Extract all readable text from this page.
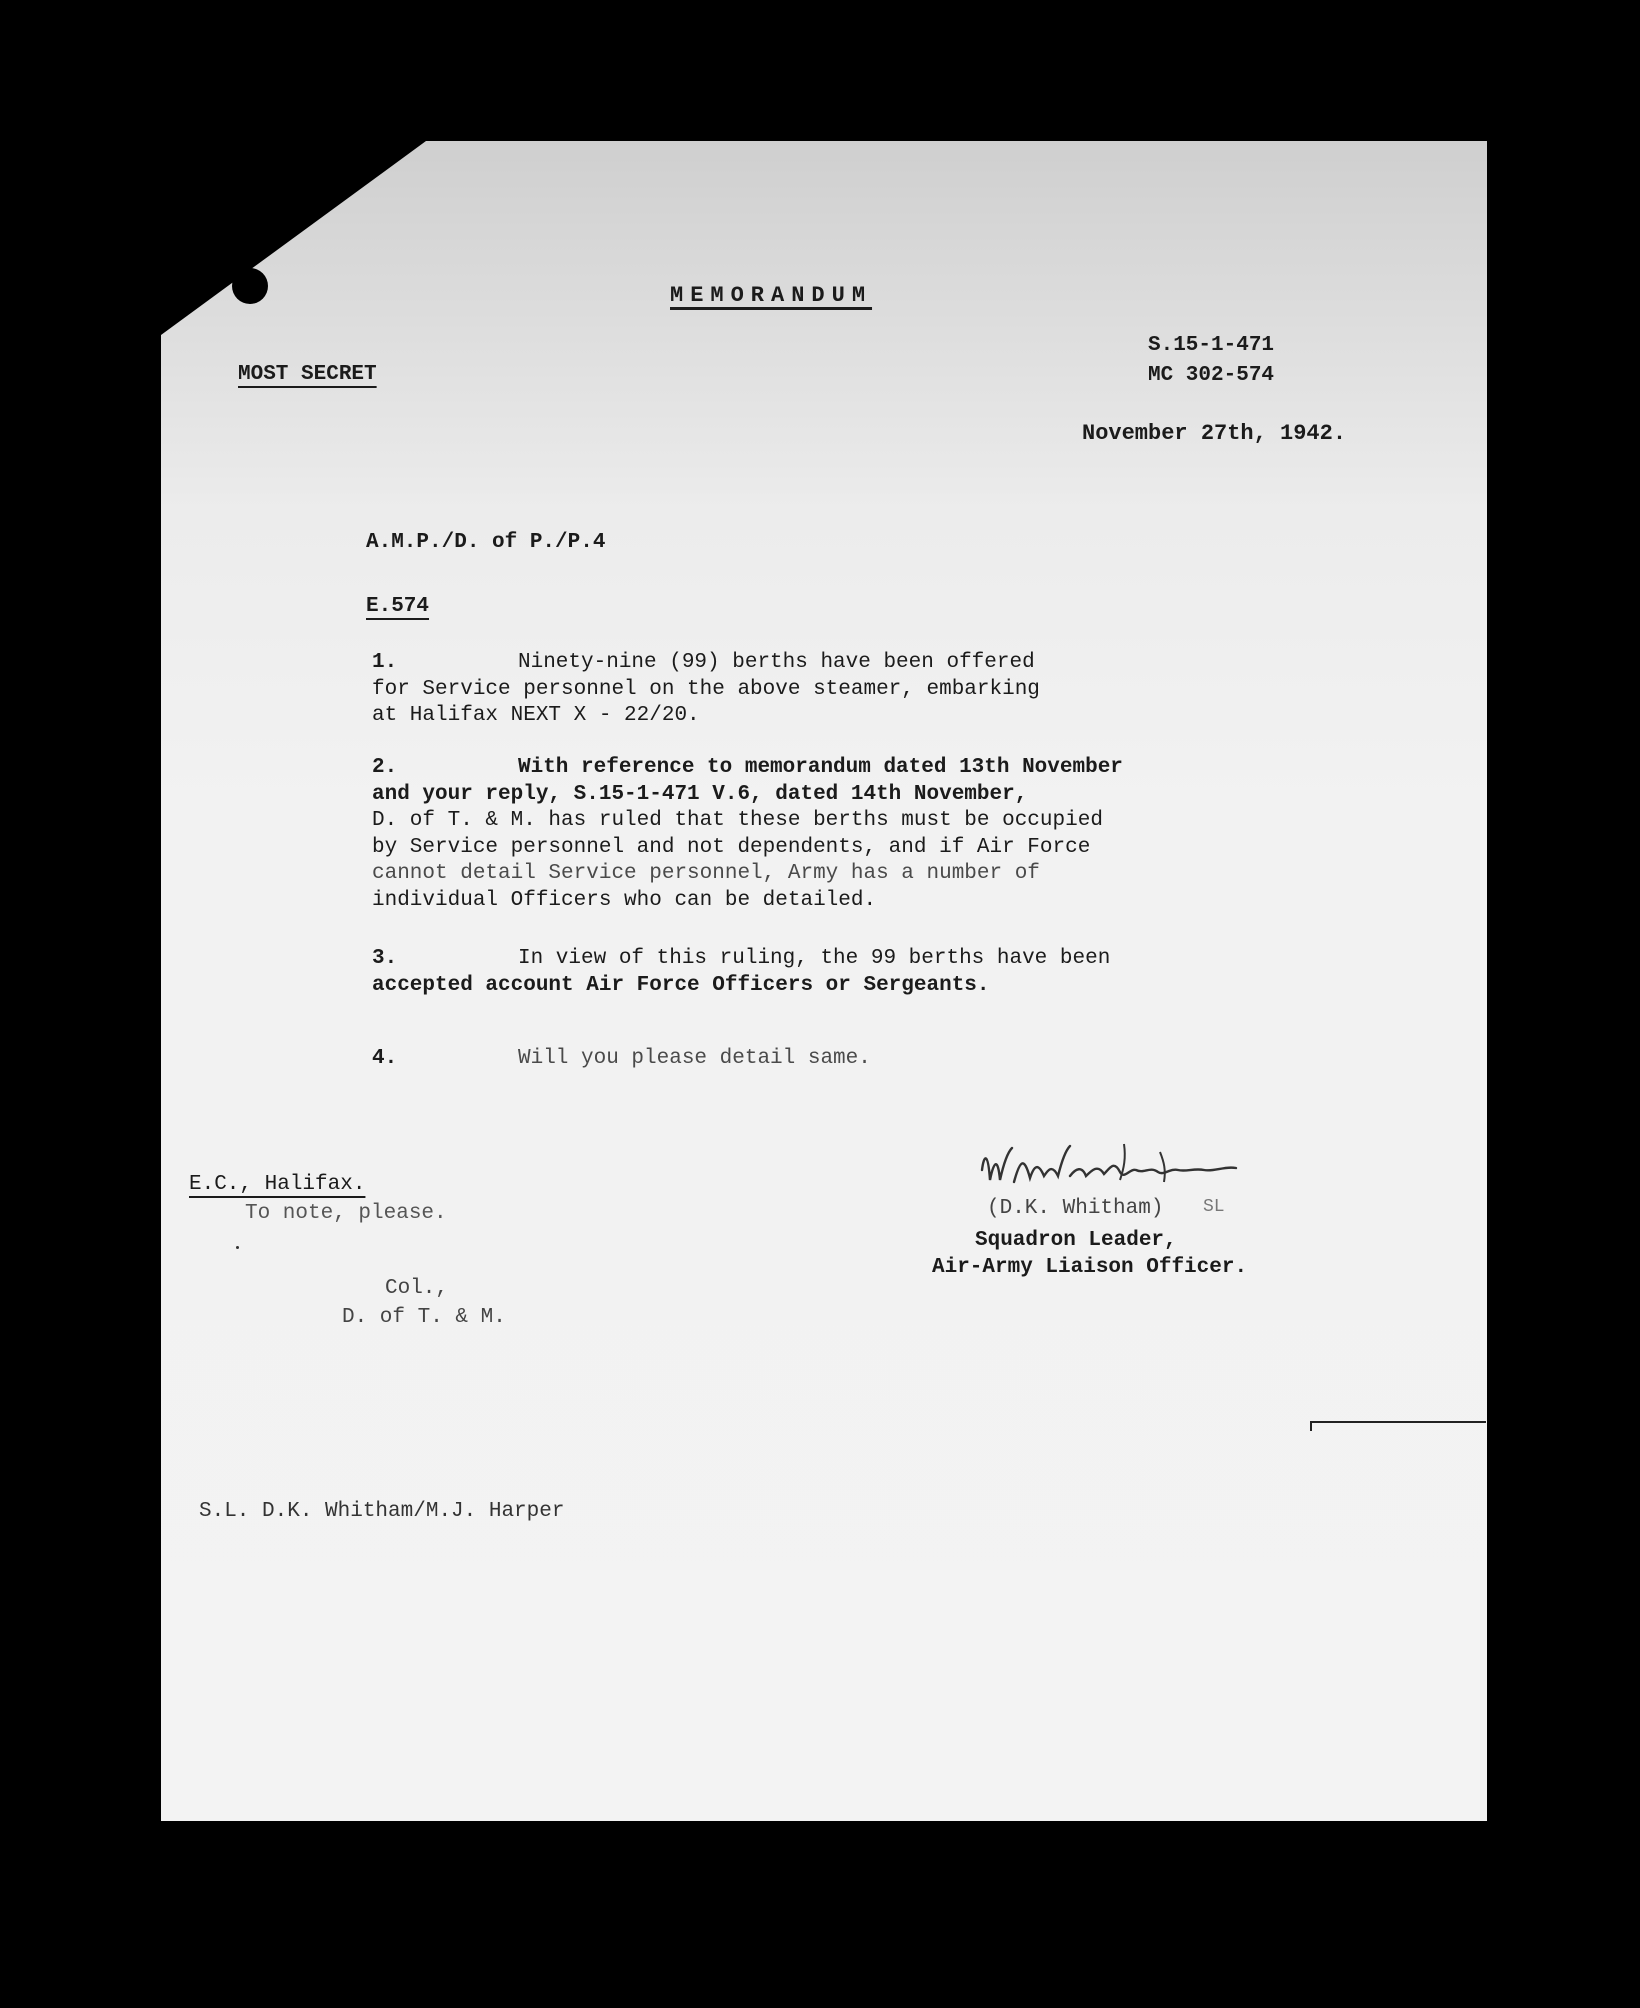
MEMORANDUM
MOST SECRET
S.15-1-471
MC 302-574
November 27th, 1942.
A.M.P./D. of P./P.4
E.574
1.	Ninety-nine (99) berths have been offered
for Service personnel on the above steamer, embarking
at Halifax NEXT X - 22/20.
2.	With reference to memorandum dated 13th November
and your reply, S.15-1-471 V.6, dated 14th November,
D. of T. & M. has ruled that these berths must be occupied
by Service personnel and not dependents, and if Air Force
cannot detail Service personnel, Army has a number of
individual Officers who can be detailed.
3.	In view of this ruling, the 99 berths have been
accepted account Air Force Officers or Sergeants.
4.	Will you please detail same.
E.C., Halifax.
To note, please.
Col.,
D. of T. & M.
(D.K. Whitham) SL
Squadron Leader,
Air-Army Liaison Officer.
S.L. D.K. Whitham/M.J. Harper
